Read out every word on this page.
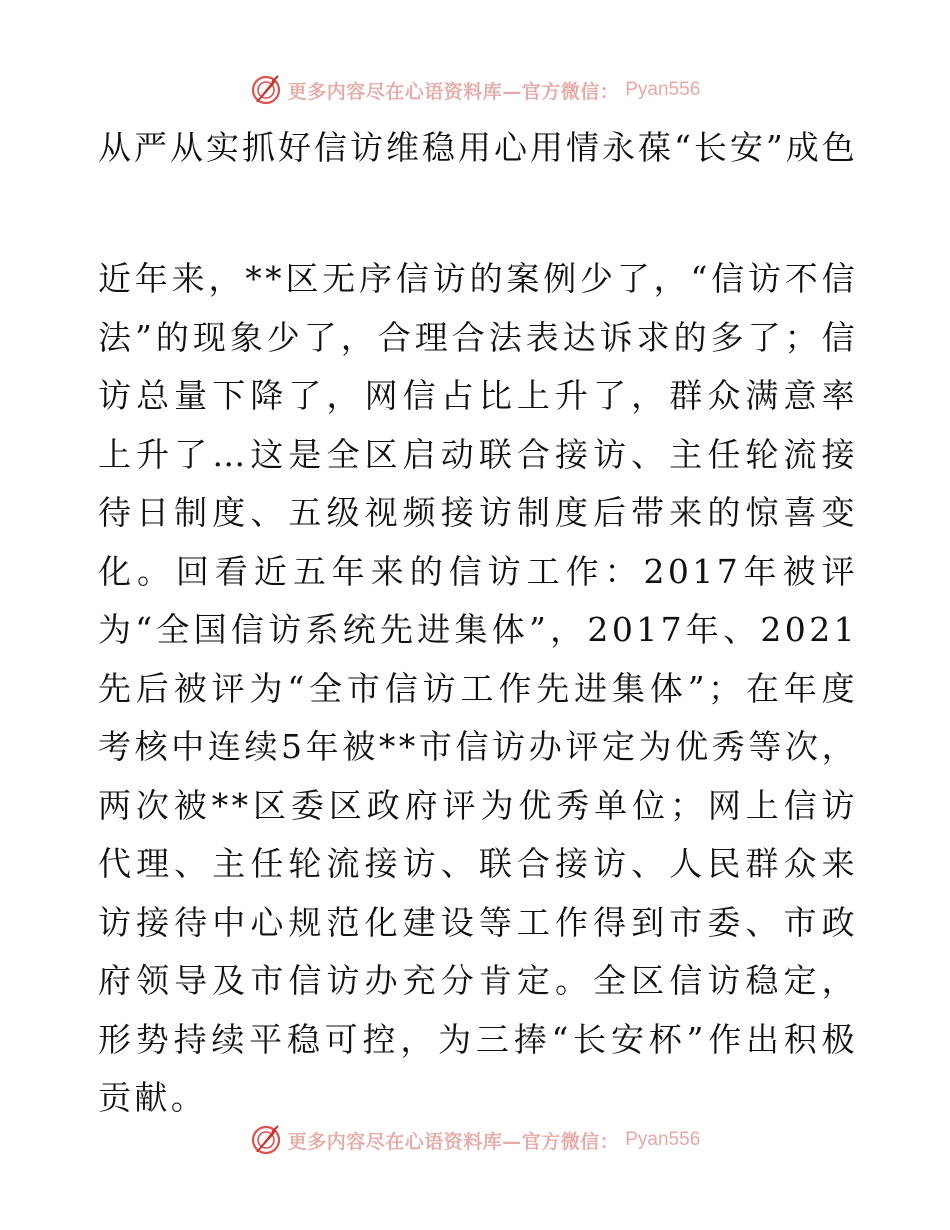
更多内容尽在心语资料库—官方微信： Pyan556
从严从实抓好信访维稳用心用情永葆“长安”成色

近年来，**区无序信访的案例少了，“信访不信法”的现象少了，合理合法表达诉求的多了；信访总量下降了，网信占比上升了，群众满意率上升了…这是全区启动联合接访、主任轮流接待日制度、五级视频接访制度后带来的惊喜变化。回看近五年来的信访工作：2017年被评为“全国信访系统先进集体”，2017年、2021先后被评为“全市信访工作先进集体”；在年度考核中连续5年被**市信访办评定为优秀等次，两次被**区委区政府评为优秀单位；网上信访代理、主任轮流接访、联合接访、人民群众来访接待中心规范化建设等工作得到市委、市政府领导及市信访办充分肯定。全区信访稳定，形势持续平稳可控，为三捧“长安杯”作出积极贡献。

更多内容尽在心语资料库—官方微信： Pyan556
